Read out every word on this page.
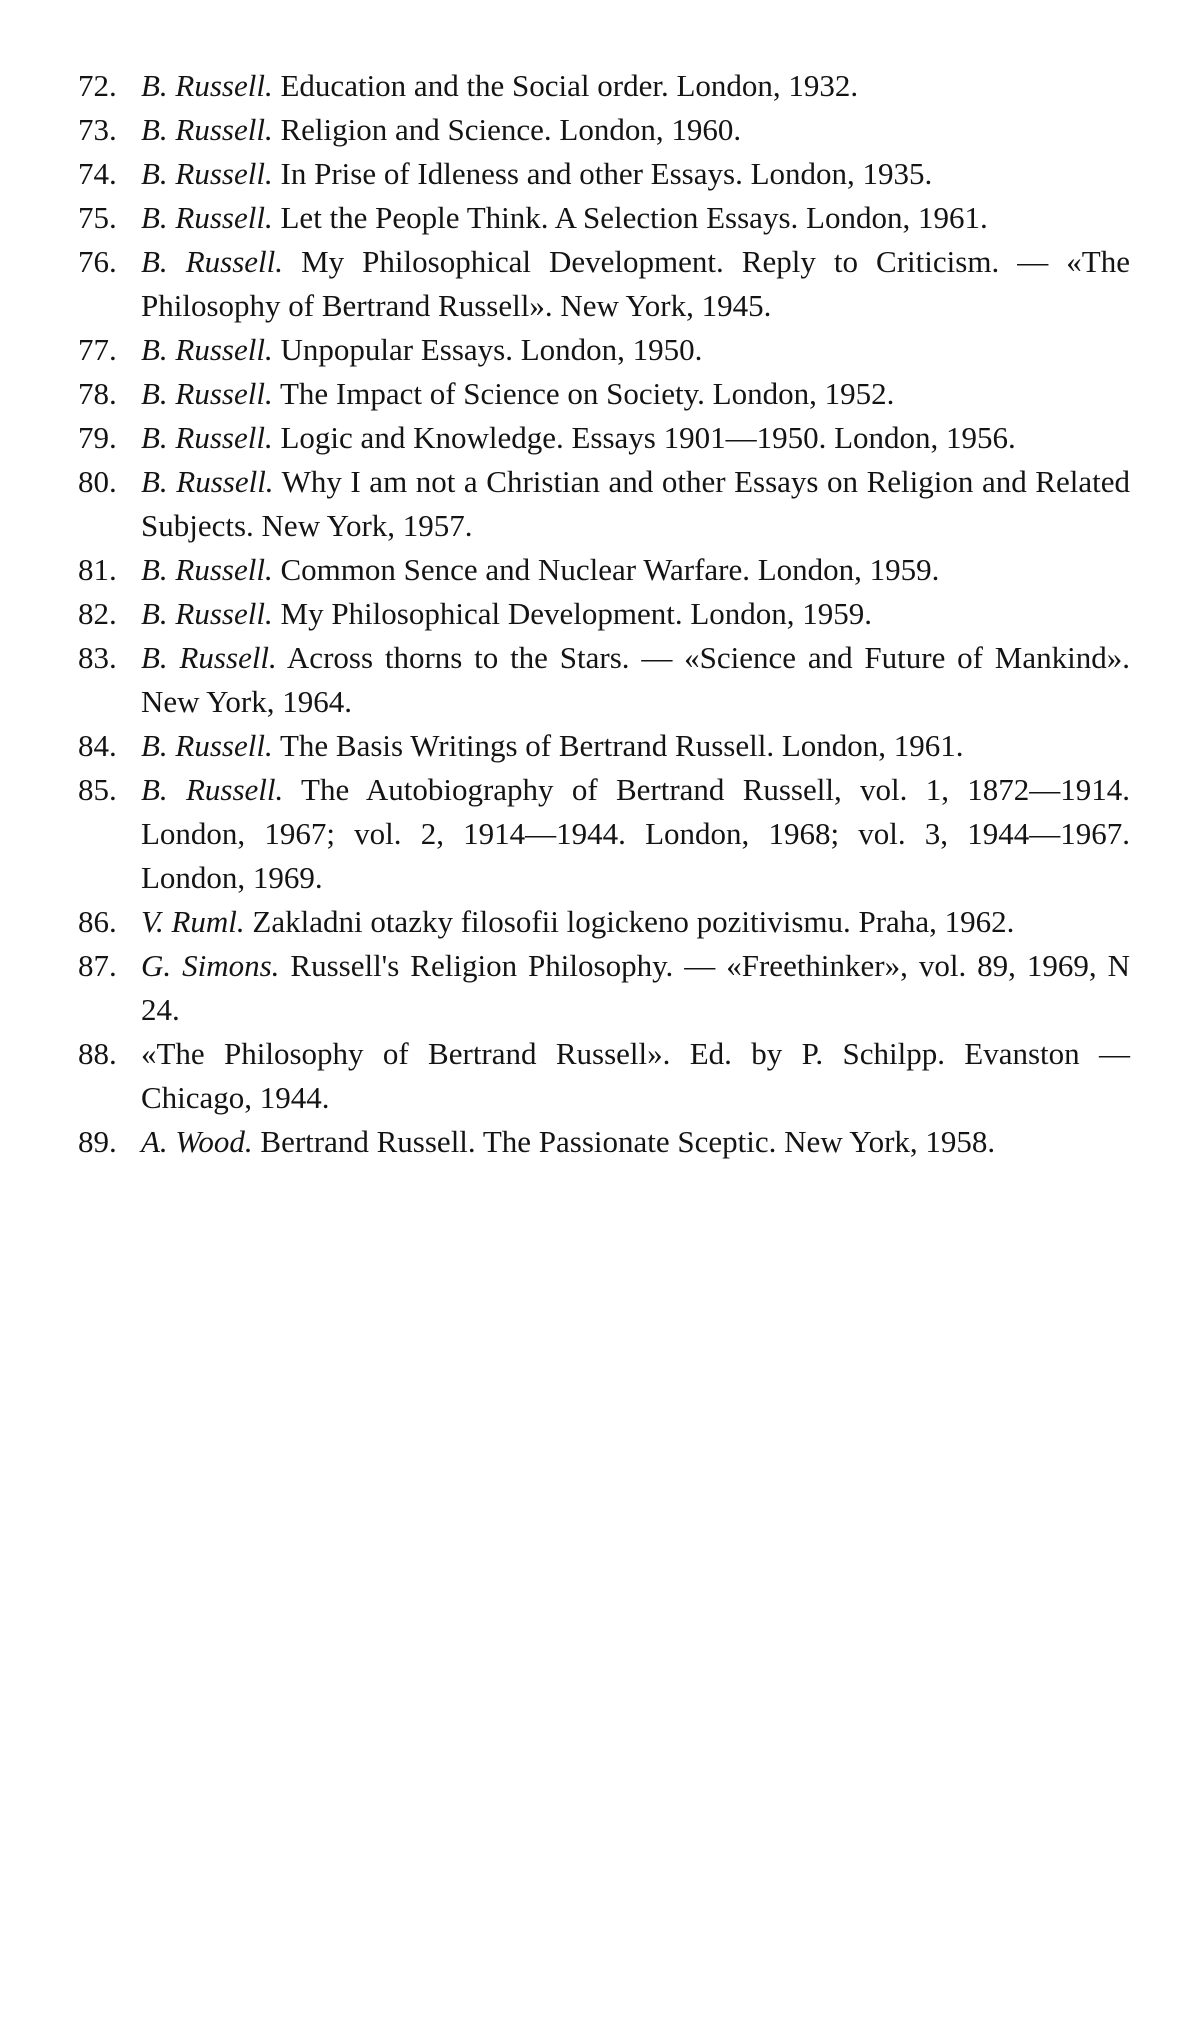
72. B. Russell. Education and the Social order. London, 1932.
73. B. Russell. Religion and Science. London, 1960.
74. B. Russell. In Prise of Idleness and other Essays. London, 1935.
75. B. Russell. Let the People Think. A Selection Essays. London, 1961.
76. B. Russell. My Philosophical Development. Reply to Criticism. — «The Philosophy of Bertrand Russell». New York, 1945.
77. B. Russell. Unpopular Essays. London, 1950.
78. B. Russell. The Impact of Science on Society. London, 1952.
79. B. Russell. Logic and Knowledge. Essays 1901—1950. London, 1956.
80. B. Russell. Why I am not a Christian and other Essays on Religion and Related Subjects. New York, 1957.
81. B. Russell. Common Sence and Nuclear Warfare. London, 1959.
82. B. Russell. My Philosophical Development. London, 1959.
83. B. Russell. Across thorns to the Stars. — «Science and Future of Mankind». New York, 1964.
84. B. Russell. The Basis Writings of Bertrand Russell. London, 1961.
85. B. Russell. The Autobiography of Bertrand Russell, vol. 1, 1872—1914. London, 1967; vol. 2, 1914—1944. London, 1968; vol. 3, 1944—1967. London, 1969.
86. V. Ruml. Zakladni otazky filosofii logickeno pozitivismu. Praha, 1962.
87. G. Simons. Russell's Religion Philosophy. — «Freethinker», vol. 89, 1969, N 24.
88. «The Philosophy of Bertrand Russell». Ed. by P. Schilpp. Evanston — Chicago, 1944.
89. A. Wood. Bertrand Russell. The Passionate Sceptic. New York, 1958.
